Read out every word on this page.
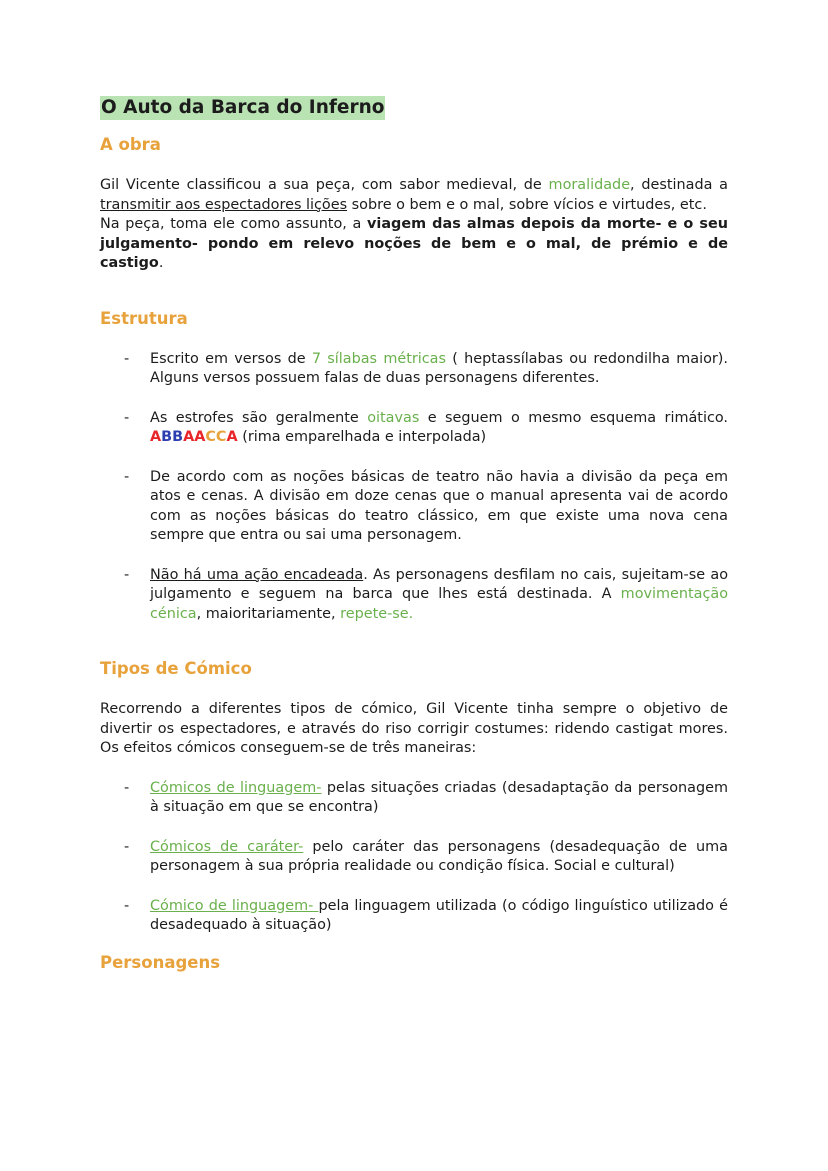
O Auto da Barca do Inferno
A obra

Gil Vicente classificou a sua peça, com sabor medieval, de moralidade, destinada a transmitir aos espectadores lições sobre o bem e o mal, sobre vícios e virtudes, etc.

Na peça, toma ele como assunto, a viagem das almas depois da morte- e o seu julgamento- pondo em relevo noções de bem e o mal, de prémio e de castigo.

Estrutura
- Escrito em versos de 7 sílabas métricas ( heptassílabas ou redondilha maior). Alguns versos possuem falas de duas personagens diferentes.
- As estrofes são geralmente oitavas e seguem o mesmo esquema rimático. ABBAACCA (rima emparelhada e interpolada)
- De acordo com as noções básicas de teatro não havia a divisão da peça em atos e cenas. A divisão em doze cenas que o manual apresenta vai de acordo com as noções básicas do teatro clássico, em que existe uma nova cena sempre que entra ou sai uma personagem.
- Não há uma ação encadeada. As personagens desfilam no cais, sujeitam-se ao julgamento e seguem na barca que lhes está destinada. A movimentação cénica, maioritariamente, repete-se.
Tipos de Cómico

Recorrendo a diferentes tipos de cómico, Gil Vicente tinha sempre o objetivo de divertir os espectadores, e através do riso corrigir costumes: ridendo castigat mores. Os efeitos cómicos conseguem-se de três maneiras:

- Cómicos de linguagem- pelas situações criadas (desadaptação da personagem à situação em que se encontra)
- Cómicos de caráter- pelo caráter das personagens (desadequação de uma personagem à sua própria realidade ou condição física. Social e cultural)
- Cómico de linguagem- pela linguagem utilizada (o código linguístico utilizado é desadequado à situação)
Personagens
